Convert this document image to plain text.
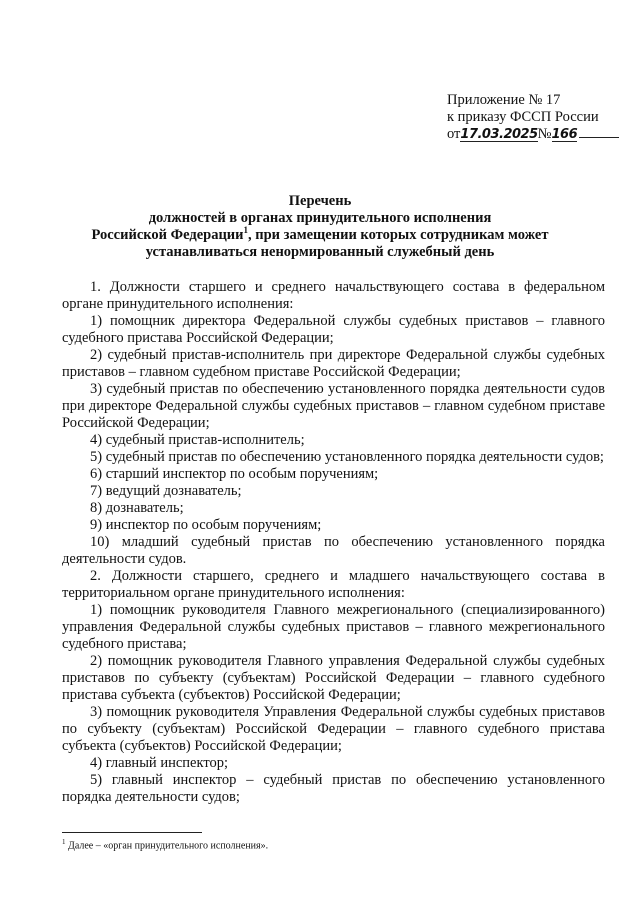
Приложение № 17
к приказу ФССП России
от17.03.2025№166
Перечень
должностей в органах принудительного исполнения
Российской Федерации$^1$, при замещении которых сотрудникам может
устанавливаться ненормированный служебный день

1. Должности старшего и среднего начальствующего состава в федеральном органе принудительного исполнения:

1) помощник директора Федеральной службы судебных приставов – главного судебного пристава Российской Федерации;

2) судебный пристав-исполнитель при директоре Федеральной службы судебных приставов – главном судебном приставе Российской Федерации;

3) судебный пристав по обеспечению установленного порядка деятельности судов при директоре Федеральной службы судебных приставов – главном судебном приставе Российской Федерации;

4) судебный пристав-исполнитель;

5) судебный пристав по обеспечению установленного порядка деятельности судов;

6) старший инспектор по особым поручениям;

7) ведущий дознаватель;

8) дознаватель;

9) инспектор по особым поручениям;

10) младший судебный пристав по обеспечению установленного порядка деятельности судов.

2. Должности старшего, среднего и младшего начальствующего состава в территориальном органе принудительного исполнения:

1) помощник руководителя Главного межрегионального (специализированного) управления Федеральной службы судебных приставов – главного межрегионального судебного пристава;

2) помощник руководителя Главного управления Федеральной службы судебных приставов по субъекту (субъектам) Российской Федерации – главного судебного пристава субъекта (субъектов) Российской Федерации;

3) помощник руководителя Управления Федеральной службы судебных приставов по субъекту (субъектам) Российской Федерации – главного судебного пристава субъекта (субъектов) Российской Федерации;

4) главный инспектор;

5) главный инспектор – судебный пристав по обеспечению установленного порядка деятельности судов;

$^1$ Далее – «орган принудительного исполнения».
